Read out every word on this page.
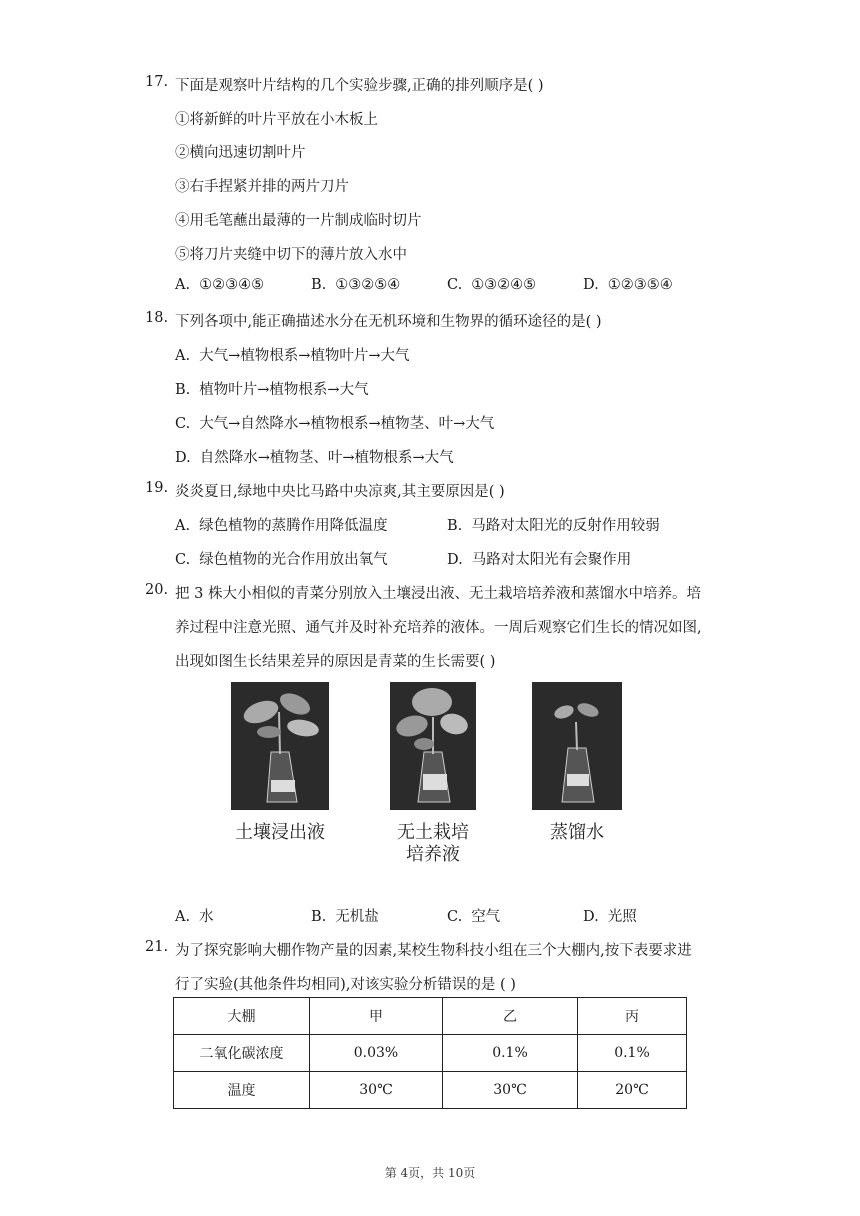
17. 下面是观察叶片结构的几个实验步骤,正确的排列顺序是( )
①将新鲜的叶片平放在小木板上
②横向迅速切割叶片
③右手捏紧并排的两片刀片
④用毛笔蘸出最薄的一片制成临时切片
⑤将刀片夹缝中切下的薄片放入水中
A. ①②③④⑤	B. ①③②⑤④	C. ①③②④⑤	D. ①②③⑤④
18. 下列各项中,能正确描述水分在无机环境和生物界的循环途径的是( )
A. 大气→植物根系→植物叶片→大气
B. 植物叶片→植物根系→大气
C. 大气→自然降水→植物根系→植物茎、叶→大气
D. 自然降水→植物茎、叶→植物根系→大气
19. 炎炎夏日,绿地中央比马路中央凉爽,其主要原因是( )
A. 绿色植物的蒸腾作用降低温度	B. 马路对太阳光的反射作用较弱
C. 绿色植物的光合作用放出氧气	D. 马路对太阳光有会聚作用
20. 把 3 株大小相似的青菜分别放入土壤浸出液、无土栽培培养液和蒸馏水中培养。培
养过程中注意光照、通气并及时补充培养的液体。一周后观察它们生长的情况如图,
出现如图生长结果差异的原因是青菜的生长需要( )
土壤浸出液	无土栽培
培养液
蒸馏水
A. 水	B. 无机盐	C. 空气	D. 光照
21. 为了探究影响大棚作物产量的因素,某校生物科技小组在三个大棚内,按下表要求进
行了实验(其他条件均相同),对该实验分析错误的是 ( )
大棚	甲	乙	丙
二氧化碳浓度	0.03%	0.1%	0.1%
温度	30℃	30℃	20℃
第 4页，共 10页
